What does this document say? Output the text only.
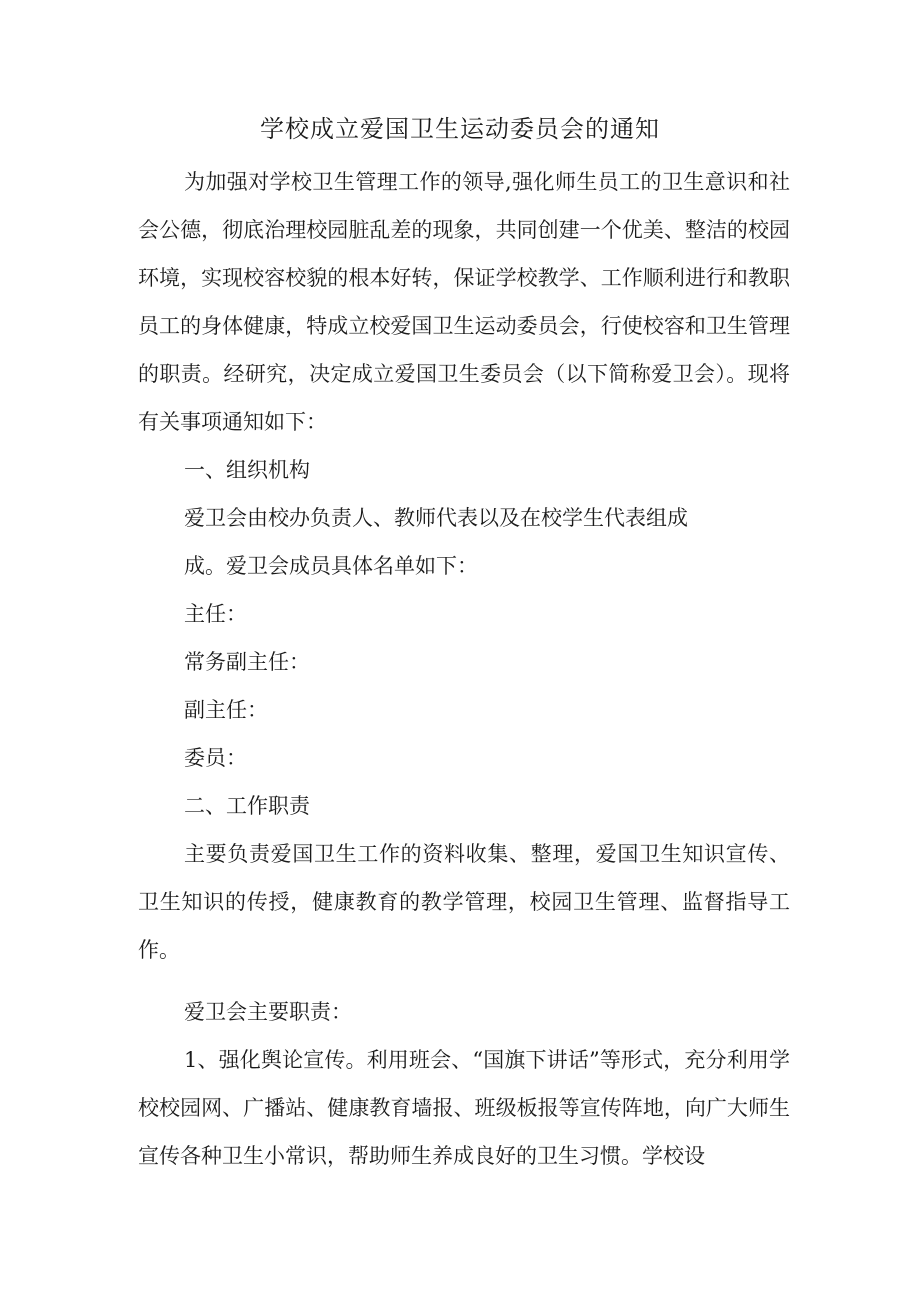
学校成立爱国卫生运动委员会的通知

为加强对学校卫生管理工作的领导,强化师生员工的卫生意识和社会公德，彻底治理校园脏乱差的现象，共同创建一个优美、整洁的校园环境，实现校容校貌的根本好转，保证学校教学、工作顺利进行和教职员工的身体健康，特成立校爱国卫生运动委员会，行使校容和卫生管理的职责。经研究，决定成立爱国卫生委员会（以下简称爱卫会）。现将有关事项通知如下：

一、组织机构

爱卫会由校办负责人、教师代表以及在校学生代表组成

成。爱卫会成员具体名单如下：

主任：

常务副主任：

副主任：

委员：

二、工作职责

主要负责爱国卫生工作的资料收集、整理，爱国卫生知识宣传、卫生知识的传授，健康教育的教学管理，校园卫生管理、监督指导工作。

爱卫会主要职责：

1、强化舆论宣传。利用班会、“国旗下讲话”等形式，充分利用学校校园网、广播站、健康教育墙报、班级板报等宣传阵地，向广大师生宣传各种卫生小常识，帮助师生养成良好的卫生习惯。学校设
